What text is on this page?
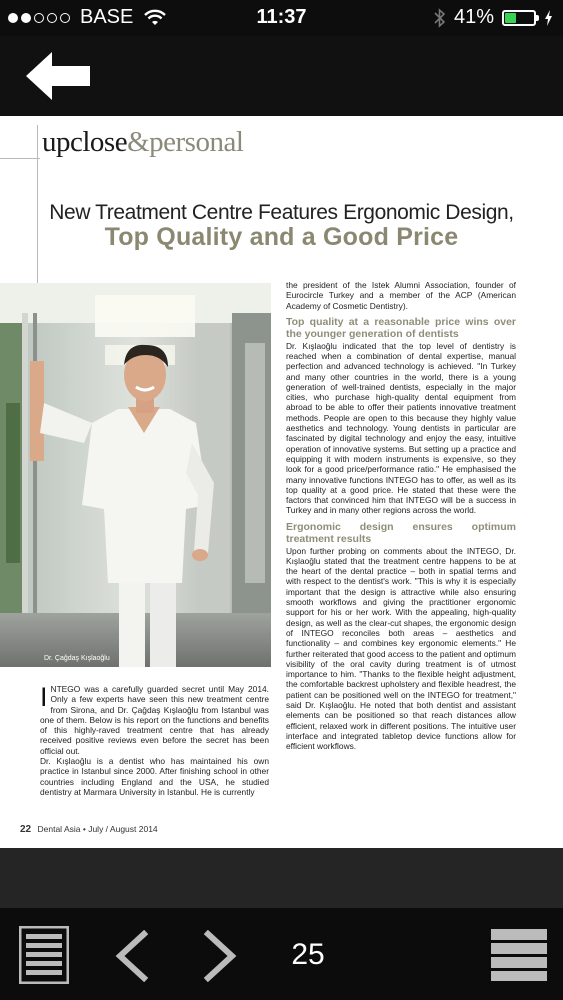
BASE	11:37	41%
upclose&personal
New Treatment Centre Features Ergonomic Design,
Top Quality and a Good Price
Dr. Çağdaş Kışlaoğlu

INTEGO was a carefully guarded secret until May 2014. Only a few experts have seen this new treatment centre from Sirona, and Dr. Çağdaş Kışlaoğlu from Istanbul was one of them. Below is his report on the functions and benefits of this highly-raved treatment centre that has already received positive reviews even before the secret has been official out.

Dr. Kışlaoğlu is a dentist who has maintained his own practice in Istanbul since 2000. After finishing school in other countries including England and the USA, he studied dentistry at Marmara University in Istanbul. He is currently

the president of the Istek Alumni Association, founder of Eurocircle Turkey and a member of the ACP (American Academy of Cosmetic Dentistry).

Top quality at a reasonable price wins over the younger generation of dentists

Dr. Kışlaoğlu indicated that the top level of dentistry is reached when a combination of dental expertise, manual perfection and advanced technology is achieved. "In Turkey and many other countries in the world, there is a young generation of well-trained dentists, especially in the major cities, who purchase high-quality dental equipment from abroad to be able to offer their patients innovative treatment methods. People are open to this because they highly value aesthetics and technology. Young dentists in particular are fascinated by digital technology and enjoy the easy, intuitive operation of innovative systems. But setting up a practice and equipping it with modern instruments is expensive, so they look for a good price/performance ratio." He emphasised the many innovative functions INTEGO has to offer, as well as its top quality at a good price. He stated that these were the factors that convinced him that INTEGO will be a success in Turkey and in many other regions across the world.

Ergonomic design ensures optimum treatment results

Upon further probing on comments about the INTEGO, Dr. Kışlaoğlu stated that the treatment centre happens to be at the heart of the dental practice – both in spatial terms and with respect to the dentist's work. "This is why it is especially important that the design is attractive while also ensuring smooth workflows and giving the practitioner ergonomic support for his or her work. With the appealing, high-quality design, as well as the clear-cut shapes, the ergonomic design of INTEGO reconciles both areas – aesthetics and functionality – and combines key ergonomic elements." He further reiterated that good access to the patient and optimum visibility of the oral cavity during treatment is of utmost importance to him. "Thanks to the flexible height adjustment, the comfortable backrest upholstery and flexible headrest, the patient can be positioned well on the INTEGO for treatment," said Dr. Kışlaoğlu. He noted that both dentist and assistant elements can be positioned so that reach distances allow efficient, relaxed work in different positions. The intuitive user interface and integrated tabletop device functions allow for efficient workflows.

22 Dental Asia • July / August 2014
25
